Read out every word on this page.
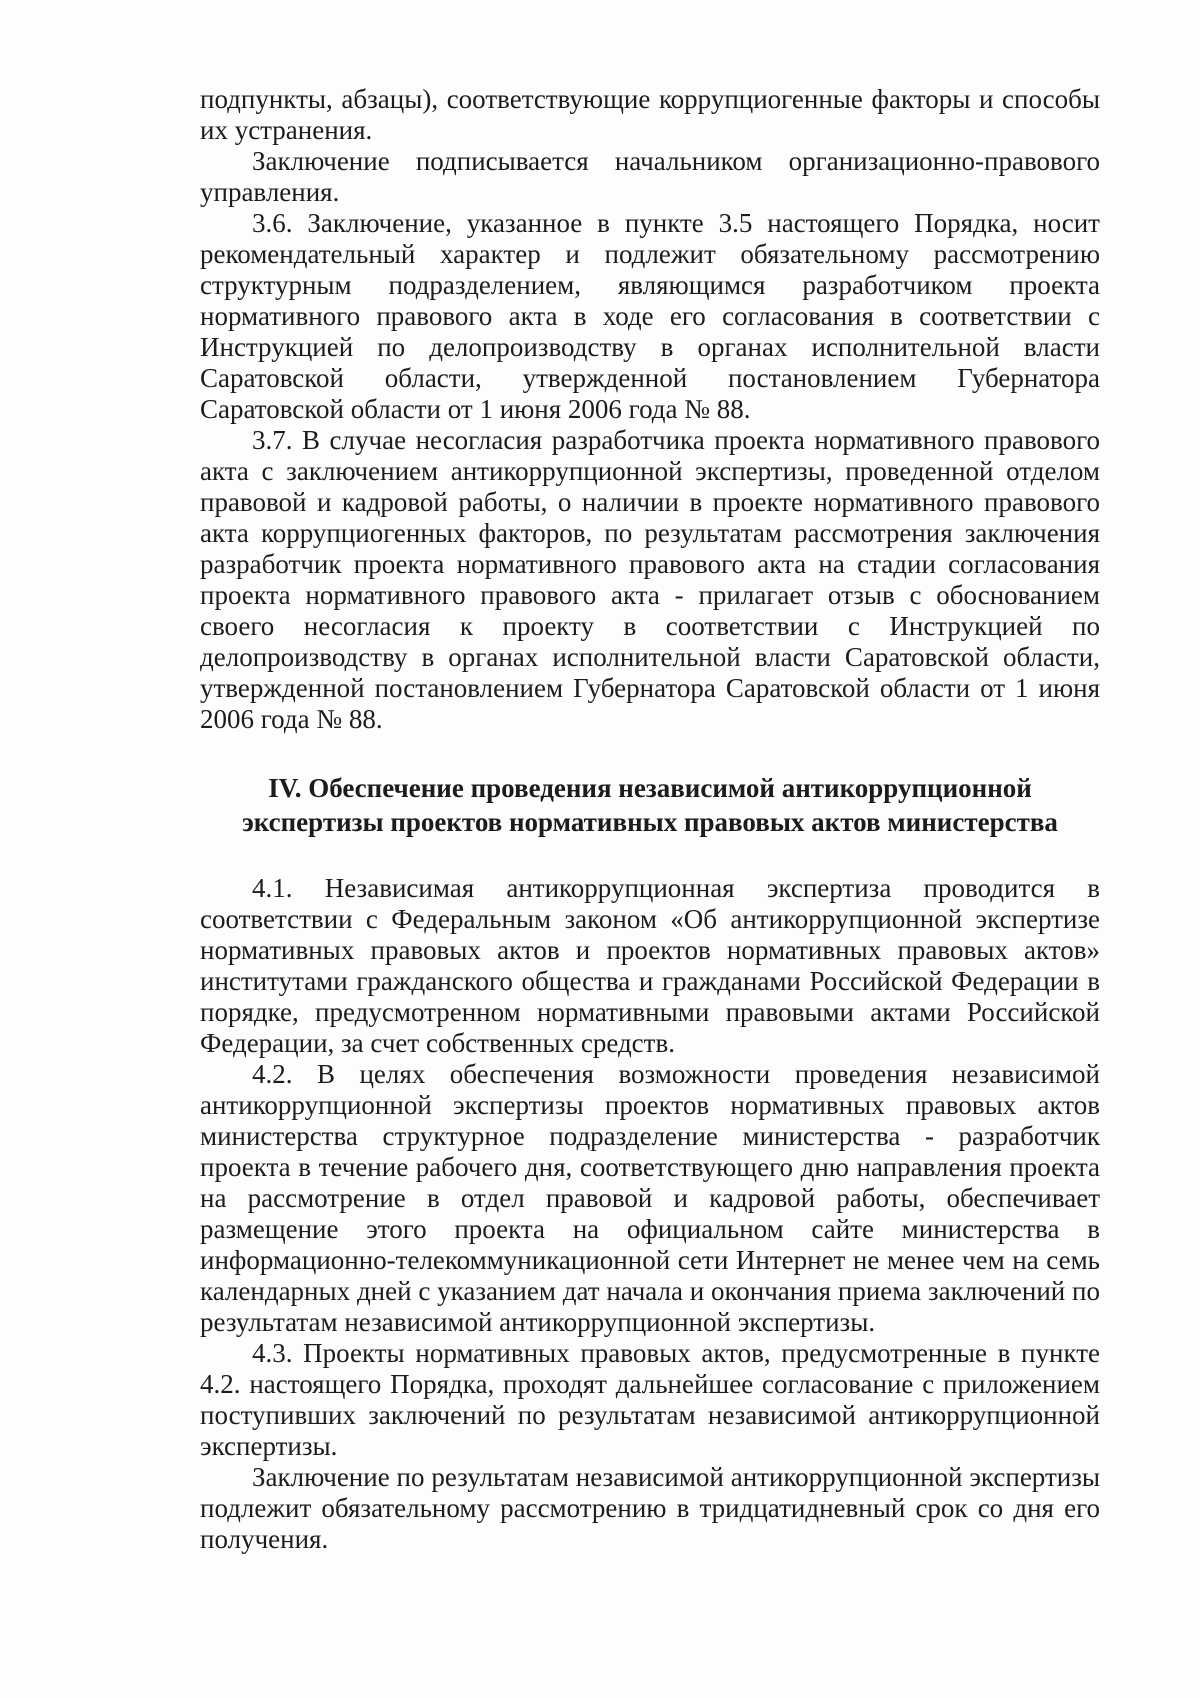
подпункты, абзацы), соответствующие коррупциогенные факторы и способы их устранения.

Заключение подписывается начальником организационно-правового управления.

3.6. Заключение, указанное в пункте 3.5 настоящего Порядка, носит рекомендательный характер и подлежит обязательному рассмотрению структурным подразделением, являющимся разработчиком проекта нормативного правового акта в ходе его согласования в соответствии с Инструкцией по делопроизводству в органах исполнительной власти Саратовской области, утвержденной постановлением Губернатора Саратовской области от 1 июня 2006 года № 88.

3.7. В случае несогласия разработчика проекта нормативного правового акта с заключением антикоррупционной экспертизы, проведенной отделом правовой и кадровой работы, о наличии в проекте нормативного правового акта коррупциогенных факторов, по результатам рассмотрения заключения разработчик проекта нормативного правового акта на стадии согласования проекта нормативного правового акта - прилагает отзыв с обоснованием своего несогласия к проекту в соответствии с Инструкцией по делопроизводству в органах исполнительной власти Саратовской области, утвержденной постановлением Губернатора Саратовской области от 1 июня 2006 года № 88.

IV. Обеспечение проведения независимой антикоррупционной
экспертизы проектов нормативных правовых актов министерства

4.1. Независимая антикоррупционная экспертиза проводится в соответствии с Федеральным законом «Об антикоррупционной экспертизе нормативных правовых актов и проектов нормативных правовых актов» институтами гражданского общества и гражданами Российской Федерации в порядке, предусмотренном нормативными правовыми актами Российской Федерации, за счет собственных средств.

4.2. В целях обеспечения возможности проведения независимой антикоррупционной экспертизы проектов нормативных правовых актов министерства структурное подразделение министерства - разработчик проекта в течение рабочего дня, соответствующего дню направления проекта на рассмотрение в отдел правовой и кадровой работы, обеспечивает размещение этого проекта на официальном сайте министерства в информационно-телекоммуникационной сети Интернет не менее чем на семь календарных дней с указанием дат начала и окончания приема заключений по результатам независимой антикоррупционной экспертизы.

4.3. Проекты нормативных правовых актов, предусмотренные в пункте 4.2. настоящего Порядка, проходят дальнейшее согласование с приложением поступивших заключений по результатам независимой антикоррупционной экспертизы.

Заключение по результатам независимой антикоррупционной экспертизы подлежит обязательному рассмотрению в тридцатидневный срок со дня его получения.
